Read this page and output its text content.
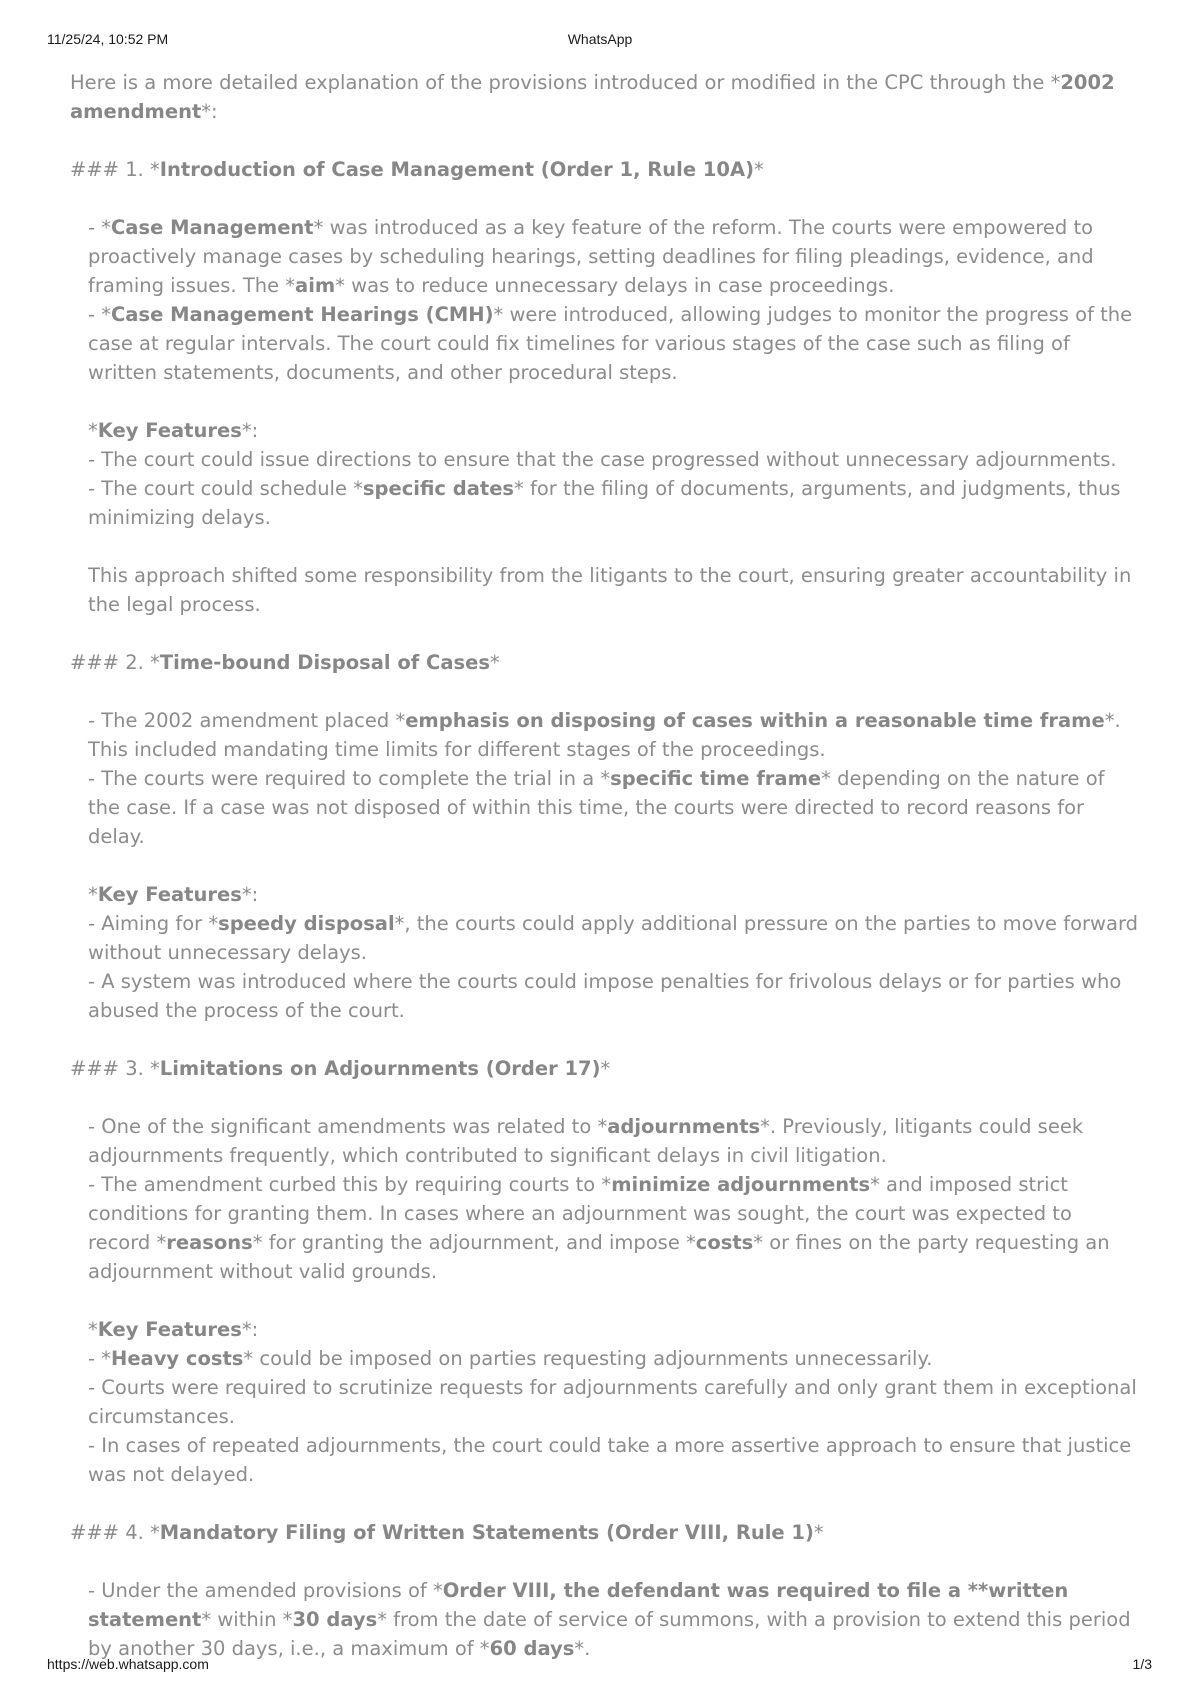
11/25/24, 10:52 PM	WhatsApp

Here is a more detailed explanation of the provisions introduced or modified in the CPC through the *2002 amendment*:

### 1. *Introduction of Case Management (Order 1, Rule 10A)*

- *Case Management* was introduced as a key feature of the reform. The courts were empowered to proactively manage cases by scheduling hearings, setting deadlines for filing pleadings, evidence, and framing issues. The *aim* was to reduce unnecessary delays in case proceedings.

- *Case Management Hearings (CMH)* were introduced, allowing judges to monitor the progress of the case at regular intervals. The court could fix timelines for various stages of the case such as filing of written statements, documents, and other procedural steps.

*Key Features*:

- The court could issue directions to ensure that the case progressed without unnecessary adjournments.

- The court could schedule *specific dates* for the filing of documents, arguments, and judgments, thus minimizing delays.

This approach shifted some responsibility from the litigants to the court, ensuring greater accountability in the legal process.

### 2. *Time-bound Disposal of Cases*

- The 2002 amendment placed *emphasis on disposing of cases within a reasonable time frame*. This included mandating time limits for different stages of the proceedings.

- The courts were required to complete the trial in a *specific time frame* depending on the nature of the case. If a case was not disposed of within this time, the courts were directed to record reasons for delay.

*Key Features*:

- Aiming for *speedy disposal*, the courts could apply additional pressure on the parties to move forward without unnecessary delays.

- A system was introduced where the courts could impose penalties for frivolous delays or for parties who abused the process of the court.

### 3. *Limitations on Adjournments (Order 17)*

- One of the significant amendments was related to *adjournments*. Previously, litigants could seek adjournments frequently, which contributed to significant delays in civil litigation.

- The amendment curbed this by requiring courts to *minimize adjournments* and imposed strict conditions for granting them. In cases where an adjournment was sought, the court was expected to record *reasons* for granting the adjournment, and impose *costs* or fines on the party requesting an adjournment without valid grounds.

*Key Features*:

- *Heavy costs* could be imposed on parties requesting adjournments unnecessarily.

- Courts were required to scrutinize requests for adjournments carefully and only grant them in exceptional circumstances.

- In cases of repeated adjournments, the court could take a more assertive approach to ensure that justice was not delayed.

### 4. *Mandatory Filing of Written Statements (Order VIII, Rule 1)*

- Under the amended provisions of *Order VIII, the defendant was required to file a **written statement* within *30 days* from the date of service of summons, with a provision to extend this period by another 30 days, i.e., a maximum of *60 days*.

https://web.whatsapp.com	1/3
